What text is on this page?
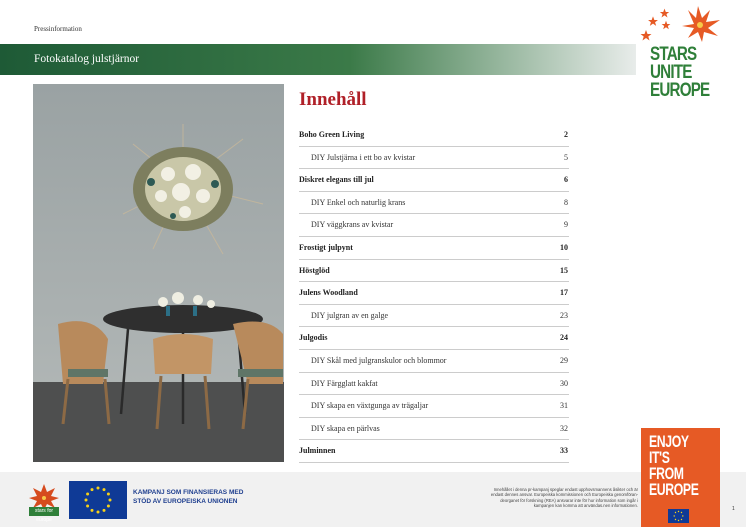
Pressinformation
Fotokatalog julstjärnor	STARS
UNITE
EUROPE
Innehåll
Boho Green Living	2
DIY Julstjärna i ett bo av kvistar	5
Diskret elegans till jul	6
DIY Enkel och naturlig krans	8
DIY väggkrans av kvistar	9
Frostigt julpynt	10
Höstglöd	15
Julens Woodland	17
DIY julgran av en galge	23
Julgodis	24
DIY Skål med julgranskulor och blommor	29
DIY Färgglatt kakfat	30
DIY skapa en växtgunga av trägaljar	31
DIY skapa en pärlvas	32
Julminnen	33
stars for europe
KAMPANJ SOM FINANSIERAS MED
STÖD AV EUROPEISKA UNIONEN
Innehållet i denna pr-kampanj speglar endast upphovsmannens åsikter och är
endast dennes ansvar. Europeiska kommissionen och Europeiska genomföran-
deorganet för forskning (REA) ansvarar inte för hur information som ingår i
kampanjen kan komma att användas.nen informationen.
ENJOY
IT'S FROM
EUROPE
1
